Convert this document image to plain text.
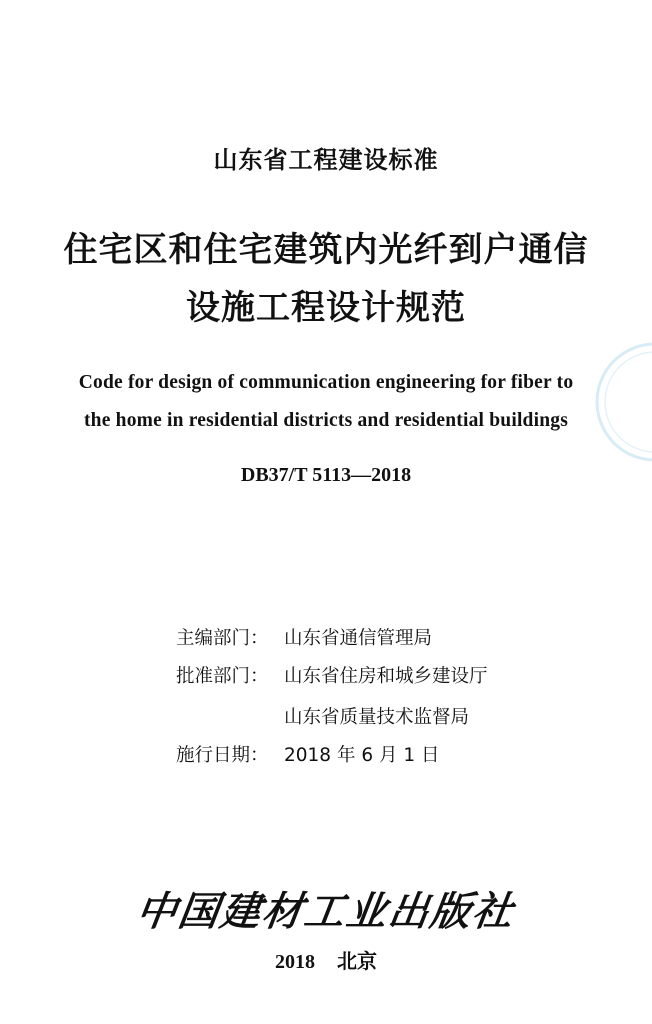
山东省工程建设标准
住宅区和住宅建筑内光纤到户通信
设施工程设计规范
Code for design of communication engineering for fiber to
the home in residential districts and residential buildings
DB37/T 5113—2018
主编部门： 山东省通信管理局
批准部门： 山东省住房和城乡建设厅
山东省质量技术监督局
施行日期： 2018 年 6 月 1 日
中国建材工业出版社
2018 北京
